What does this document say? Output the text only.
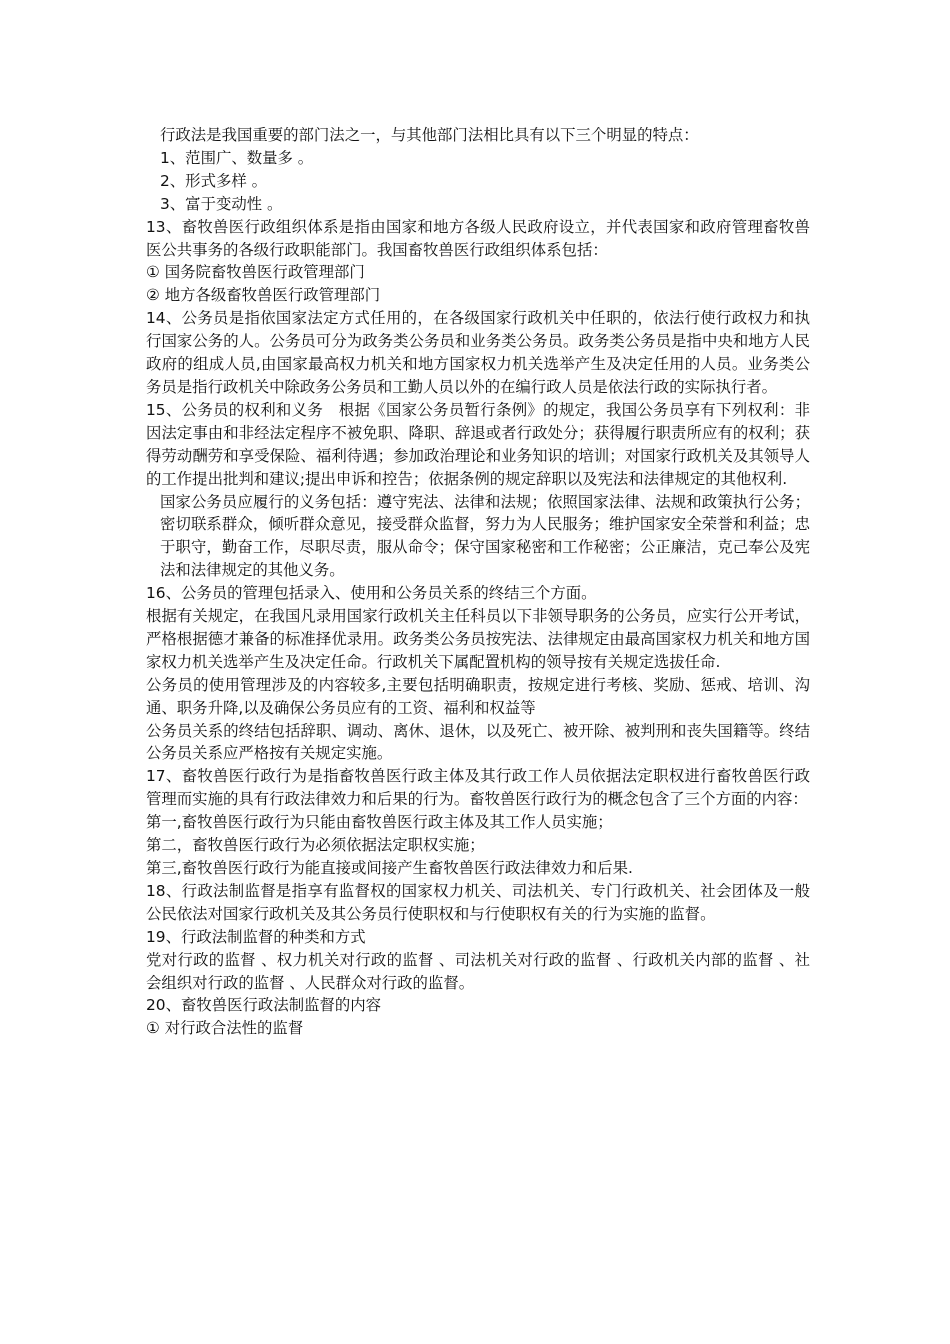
行政法是我国重要的部门法之一，与其他部门法相比具有以下三个明显的特点：

1、范围广、数量多 。

2、形式多样 。

3、富于变动性 。

13、畜牧兽医行政组织体系是指由国家和地方各级人民政府设立，并代表国家和政府管理畜牧兽医公共事务的各级行政职能部门。我国畜牧兽医行政组织体系包括：

① 国务院畜牧兽医行政管理部门

② 地方各级畜牧兽医行政管理部门

14、公务员是指依国家法定方式任用的，在各级国家行政机关中任职的，依法行使行政权力和执行国家公务的人。公务员可分为政务类公务员和业务类公务员。政务类公务员是指中央和地方人民政府的组成人员,由国家最高权力机关和地方国家权力机关选举产生及决定任用的人员。业务类公务员是指行政机关中除政务公务员和工勤人员以外的在编行政人员是依法行政的实际执行者。

15、公务员的权利和义务　根据《国家公务员暂行条例》的规定，我国公务员享有下列权利：非因法定事由和非经法定程序不被免职、降职、辞退或者行政处分；获得履行职责所应有的权利；获得劳动酬劳和享受保险、福利待遇；参加政治理论和业务知识的培训；对国家行政机关及其领导人的工作提出批判和建议;提出申诉和控告；依据条例的规定辞职以及宪法和法律规定的其他权利.

国家公务员应履行的义务包括：遵守宪法、法律和法规；依照国家法律、法规和政策执行公务；密切联系群众，倾听群众意见，接受群众监督，努力为人民服务；维护国家安全荣誉和利益；忠于职守，勤奋工作，尽职尽责，服从命令；保守国家秘密和工作秘密；公正廉洁，克己奉公及宪法和法律规定的其他义务。

16、公务员的管理包括录入、使用和公务员关系的终结三个方面。

根据有关规定，在我国凡录用国家行政机关主任科员以下非领导职务的公务员，应实行公开考试，严格根据德才兼备的标准择优录用。政务类公务员按宪法、法律规定由最高国家权力机关和地方国家权力机关选举产生及决定任命。行政机关下属配置机构的领导按有关规定选拔任命.

公务员的使用管理涉及的内容较多,主要包括明确职责，按规定进行考核、奖励、惩戒、培训、沟通、职务升降,以及确保公务员应有的工资、福利和权益等

公务员关系的终结包括辞职、调动、离休、退休，以及死亡、被开除、被判刑和丧失国籍等。终结公务员关系应严格按有关规定实施。

17、畜牧兽医行政行为是指畜牧兽医行政主体及其行政工作人员依据法定职权进行畜牧兽医行政管理而实施的具有行政法律效力和后果的行为。畜牧兽医行政行为的概念包含了三个方面的内容：

第一,畜牧兽医行政行为只能由畜牧兽医行政主体及其工作人员实施；

第二，畜牧兽医行政行为必须依据法定职权实施；

第三,畜牧兽医行政行为能直接或间接产生畜牧兽医行政法律效力和后果.

18、行政法制监督是指享有监督权的国家权力机关、司法机关、专门行政机关、社会团体及一般公民依法对国家行政机关及其公务员行使职权和与行使职权有关的行为实施的监督。

19、行政法制监督的种类和方式

党对行政的监督 、权力机关对行政的监督 、司法机关对行政的监督 、行政机关内部的监督 、社会组织对行政的监督 、人民群众对行政的监督。

20、畜牧兽医行政法制监督的内容

① 对行政合法性的监督
